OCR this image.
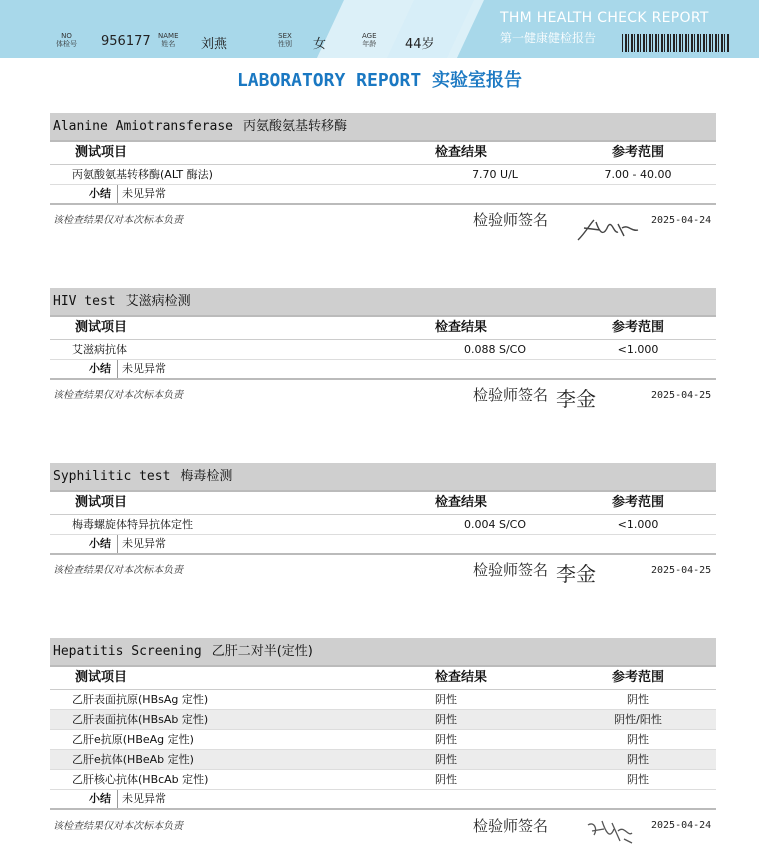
NO
体检号 956177 NAME
姓名 刘燕
SEX
性别 女
AGE
年龄 44岁
THM HEALTH CHECK REPORT
第一健康健检报告
LABORATORY REPORT 实验室报告
Alanine Amiotransferase 丙氨酸氨基转移酶
测试项目	检查结果	参考范围
丙氨酸氨基转移酶(ALT 酶法)	7.70 U/L	7.00 - 40.00
小结	未见异常
该检查结果仅对本次标本负责	检验师签名	2025-04-24
HIV test 艾滋病检测
测试项目	检查结果	参考范围
艾滋病抗体	0.088 S/CO	<1.000
小结	未见异常
该检查结果仅对本次标本负责	检验师签名 李金	2025-04-25
Syphilitic test 梅毒检测
测试项目	检查结果	参考范围
梅毒螺旋体特异抗体定性	0.004 S/CO	<1.000
小结	未见异常
该检查结果仅对本次标本负责	检验师签名 李金	2025-04-25
Hepatitis Screening 乙肝二对半(定性)
测试项目	检查结果	参考范围
乙肝表面抗原(HBsAg 定性)	阴性	阴性
乙肝表面抗体(HBsAb 定性)	阴性	阴性/阳性
乙肝e抗原(HBeAg 定性)	阴性	阴性
乙肝e抗体(HBeAb 定性)	阴性	阴性
乙肝核心抗体(HBcAb 定性)	阴性	阴性
小结	未见异常
该检查结果仅对本次标本负责	检验师签名	2025-04-24
